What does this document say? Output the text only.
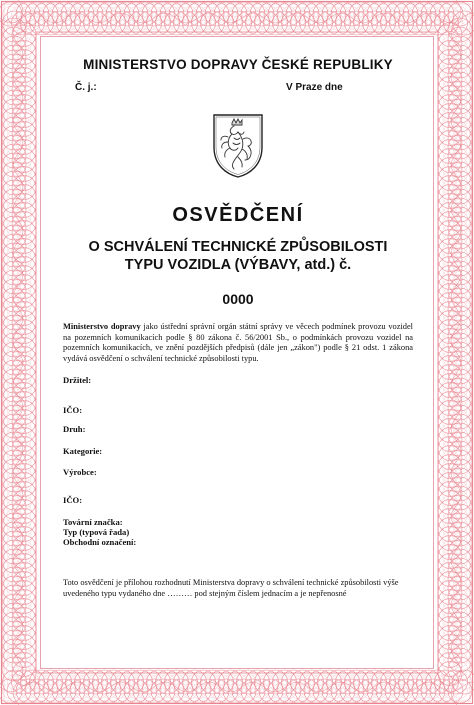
MINISTERSTVO DOPRAVY ČESKÉ REPUBLIKY
Č. j.:	V Praze dne
OSVĚDČENÍ
O SCHVÁLENÍ TECHNICKÉ ZPŮSOBILOSTI
TYPU VOZIDLA (VÝBAVY, atd.) č.
0000
Ministerstvo dopravy jako ústřední správní orgán státní správy ve věcech podmínek provozu vozidel na pozemních komunikacích podle § 80 zákona č. 56/2001 Sb., o podmínkách provozu vozidel na pozemních komunikacích, ve znění pozdějších předpisů (dále jen „zákon") podle § 21 odst. 1 zákona vydává osvědčení o schválení technické způsobilosti typu.
Držitel:
IČO:
Druh:
Kategorie:
Výrobce:
IČO:
Tovární značka:
Typ (typová řada)
Obchodní označení:
Toto osvědčení je přílohou rozhodnutí Ministerstva dopravy o schválení technické způsobilosti výše
uvedeného typu vydaného dne ……… pod stejným číslem jednacím a je nepřenosné
